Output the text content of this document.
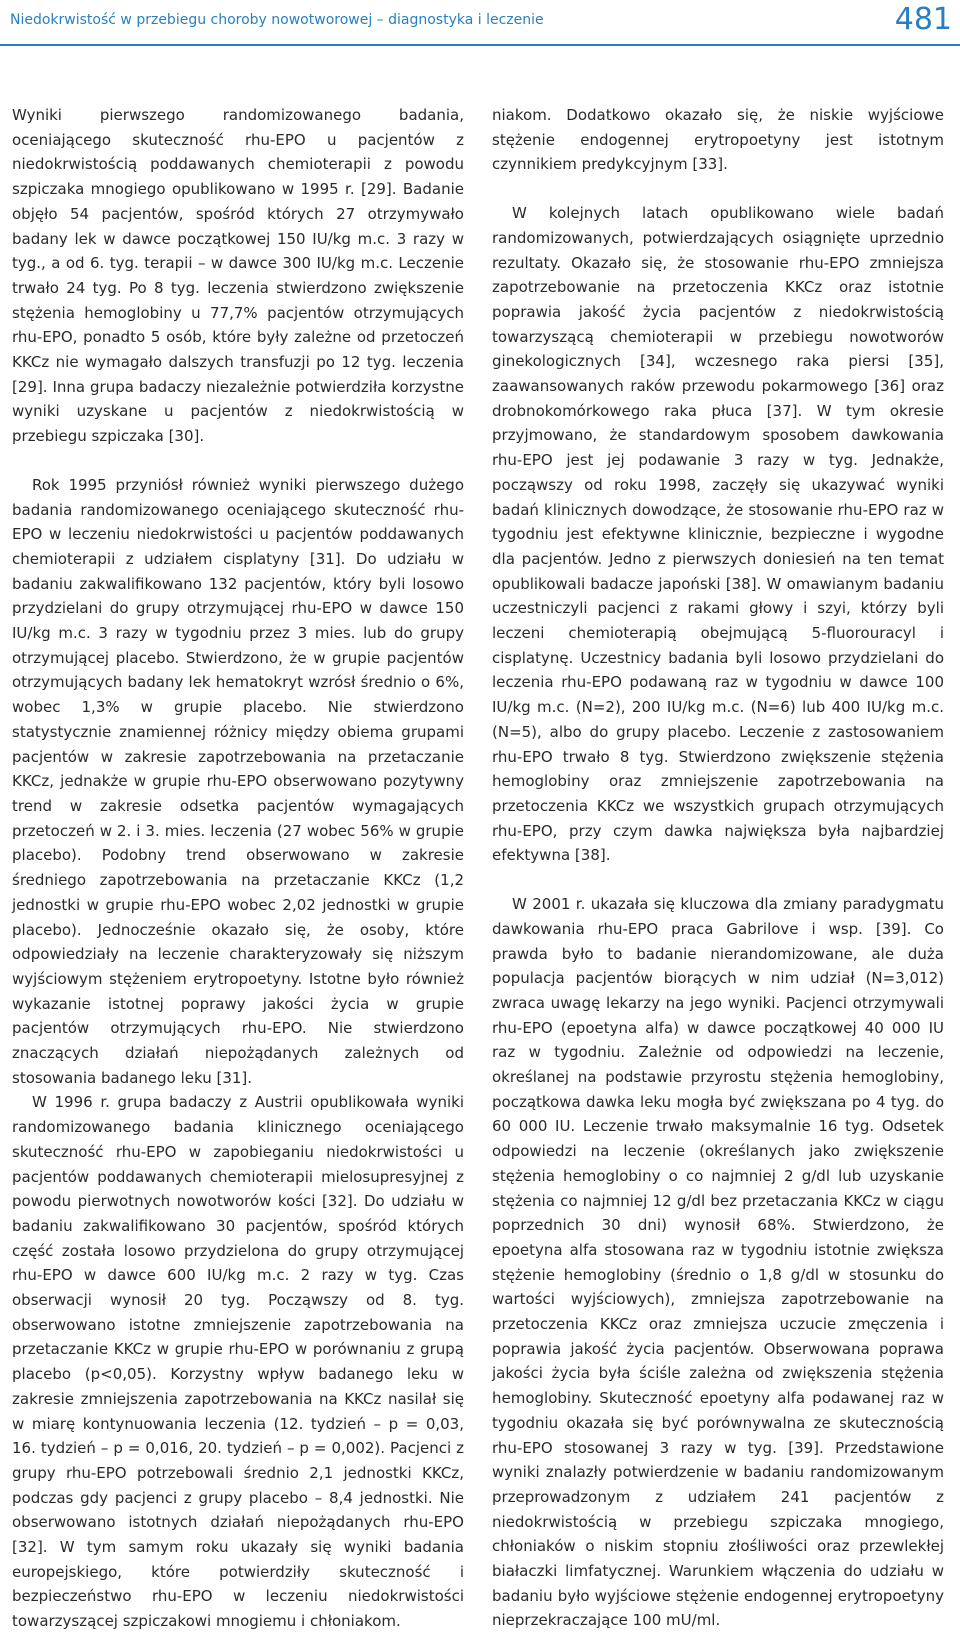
Niedokrwistość w przebiegu choroby nowotworowej – diagnostyka i leczenie	481

Wyniki pierwszego randomizowanego badania, oceniającego skuteczność rhu-EPO u pacjentów z niedokrwistością poddawanych chemioterapii z powodu szpiczaka mnogiego opublikowano w 1995 r. [29]. Badanie objęło 54 pacjentów, spośród których 27 otrzymywało badany lek w dawce początkowej 150 IU/kg m.c. 3 razy w tyg., a od 6. tyg. terapii – w dawce 300 IU/kg m.c. Leczenie trwało 24 tyg. Po 8 tyg. leczenia stwierdzono zwiększenie stężenia hemoglobiny u 77,7% pacjentów otrzymujących rhu-EPO, ponadto 5 osób, które były zależne od przetoczeń KKCz nie wymagało dalszych transfuzji po 12 tyg. leczenia [29]. Inna grupa badaczy niezależnie potwierdziła korzystne wyniki uzyskane u pacjentów z niedokrwistością w przebiegu szpiczaka [30].

Rok 1995 przyniósł również wyniki pierwszego dużego badania randomizowanego oceniającego skuteczność rhu-EPO w leczeniu niedokrwistości u pacjentów poddawanych chemioterapii z udziałem cisplatyny [31]. Do udziału w badaniu zakwalifikowano 132 pacjentów, który byli losowo przydzielani do grupy otrzymującej rhu-EPO w dawce 150 IU/kg m.c. 3 razy w tygodniu przez 3 mies. lub do grupy otrzymującej placebo. Stwierdzono, że w grupie pacjentów otrzymujących badany lek hematokryt wzrósł średnio o 6%, wobec 1,3% w grupie placebo. Nie stwierdzono statystycznie znamiennej różnicy między obiema grupami pacjentów w zakresie zapotrzebowania na przetaczanie KKCz, jednakże w grupie rhu-EPO obserwowano pozytywny trend w zakresie odsetka pacjentów wymagających przetoczeń w 2. i 3. mies. leczenia (27 wobec 56% w grupie placebo). Podobny trend obserwowano w zakresie średniego zapotrzebowania na przetaczanie KKCz (1,2 jednostki w grupie rhu-EPO wobec 2,02 jednostki w grupie placebo). Jednocześnie okazało się, że osoby, które odpowiedziały na leczenie charakteryzowały się niższym wyjściowym stężeniem erytropoetyny. Istotne było również wykazanie istotnej poprawy jakości życia w grupie pacjentów otrzymujących rhu-EPO. Nie stwierdzono znaczących działań niepożądanych zależnych od stosowania badanego leku [31].

W 1996 r. grupa badaczy z Austrii opublikowała wyniki randomizowanego badania klinicznego oceniającego skuteczność rhu-EPO w zapobieganiu niedokrwistości u pacjentów poddawanych chemioterapii mielosupresyjnej z powodu pierwotnych nowotworów kości [32]. Do udziału w badaniu zakwalifikowano 30 pacjentów, spośród których część została losowo przydzielona do grupy otrzymującej rhu-EPO w dawce 600 IU/kg m.c. 2 razy w tyg. Czas obserwacji wynosił 20 tyg. Począwszy od 8. tyg. obserwowano istotne zmniejszenie zapotrzebowania na przetaczanie KKCz w grupie rhu-EPO w porównaniu z grupą placebo (p<0,05). Korzystny wpływ badanego leku w zakresie zmniejszenia zapotrzebowania na KKCz nasilał się w miarę kontynuowania leczenia (12. tydzień – p = 0,03, 16. tydzień – p = 0,016, 20. tydzień – p = 0,002). Pacjenci z grupy rhu-EPO potrzebowali średnio 2,1 jednostki KKCz, podczas gdy pacjenci z grupy placebo – 8,4 jednostki. Nie obserwowano istotnych działań niepożądanych rhu-EPO [32]. W tym samym roku ukazały się wyniki badania europejskiego, które potwierdziły skuteczność i bezpieczeństwo rhu-EPO w leczeniu niedokrwistości towarzyszącej szpiczakowi mnogiemu i chłoniakom.

niakom. Dodatkowo okazało się, że niskie wyjściowe stężenie endogennej erytropoetyny jest istotnym czynnikiem predykcyjnym [33].

W kolejnych latach opublikowano wiele badań randomizowanych, potwierdzających osiągnięte uprzednio rezultaty. Okazało się, że stosowanie rhu-EPO zmniejsza zapotrzebowanie na przetoczenia KKCz oraz istotnie poprawia jakość życia pacjentów z niedokrwistością towarzyszącą chemioterapii w przebiegu nowotworów ginekologicznych [34], wczesnego raka piersi [35], zaawansowanych raków przewodu pokarmowego [36] oraz drobnokomórkowego raka płuca [37]. W tym okresie przyjmowano, że standardowym sposobem dawkowania rhu-EPO jest jej podawanie 3 razy w tyg. Jednakże, począwszy od roku 1998, zaczęły się ukazywać wyniki badań klinicznych dowodzące, że stosowanie rhu-EPO raz w tygodniu jest efektywne klinicznie, bezpieczne i wygodne dla pacjentów. Jedno z pierwszych doniesień na ten temat opublikowali badacze japoński [38]. W omawianym badaniu uczestniczyli pacjenci z rakami głowy i szyi, którzy byli leczeni chemioterapią obejmującą 5-fluorouracyl i cisplatynę. Uczestnicy badania byli losowo przydzielani do leczenia rhu-EPO podawaną raz w tygodniu w dawce 100 IU/kg m.c. (N=2), 200 IU/kg m.c. (N=6) lub 400 IU/kg m.c. (N=5), albo do grupy placebo. Leczenie z zastosowaniem rhu-EPO trwało 8 tyg. Stwierdzono zwiększenie stężenia hemoglobiny oraz zmniejszenie zapotrzebowania na przetoczenia KKCz we wszystkich grupach otrzymujących rhu-EPO, przy czym dawka największa była najbardziej efektywna [38].

W 2001 r. ukazała się kluczowa dla zmiany paradygmatu dawkowania rhu-EPO praca Gabrilove i wsp. [39]. Co prawda było to badanie nierandomizowane, ale duża populacja pacjentów biorących w nim udział (N=3,012) zwraca uwagę lekarzy na jego wyniki. Pacjenci otrzymywali rhu-EPO (epoetyna alfa) w dawce początkowej 40 000 IU raz w tygodniu. Zależnie od odpowiedzi na leczenie, określanej na podstawie przyrostu stężenia hemoglobiny, początkowa dawka leku mogła być zwiększana po 4 tyg. do 60 000 IU. Leczenie trwało maksymalnie 16 tyg. Odsetek odpowiedzi na leczenie (określanych jako zwiększenie stężenia hemoglobiny o co najmniej 2 g/dl lub uzyskanie stężenia co najmniej 12 g/dl bez przetaczania KKCz w ciągu poprzednich 30 dni) wynosił 68%. Stwierdzono, że epoetyna alfa stosowana raz w tygodniu istotnie zwiększa stężenie hemoglobiny (średnio o 1,8 g/dl w stosunku do wartości wyjściowych), zmniejsza zapotrzebowanie na przetoczenia KKCz oraz zmniejsza uczucie zmęczenia i poprawia jakość życia pacjentów. Obserwowana poprawa jakości życia była ściśle zależna od zwiększenia stężenia hemoglobiny. Skuteczność epoetyny alfa podawanej raz w tygodniu okazała się być porównywalna ze skutecznością rhu-EPO stosowanej 3 razy w tyg. [39]. Przedstawione wyniki znalazły potwierdzenie w badaniu randomizowanym przeprowadzonym z udziałem 241 pacjentów z niedokrwistością w przebiegu szpiczaka mnogiego, chłoniaków o niskim stopniu złośliwości oraz przewlekłej białaczki limfatycznej. Warunkiem włączenia do udziału w badaniu było wyjściowe stężenie endogennej erytropoetyny nieprzekraczające 100 mU/ml.
